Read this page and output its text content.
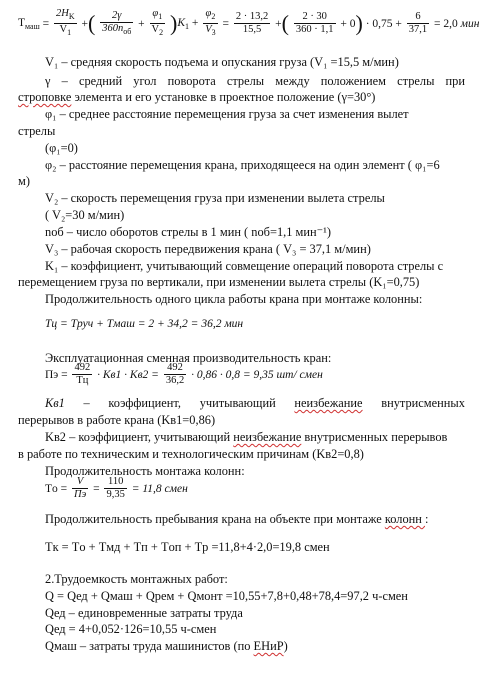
$T_{маш} = \frac{2H_K}{V_1}$ +( $\frac{2\gamma}{360n_{об}} + \frac{\varphi_1}{V_2} )K_1 + \frac{\varphi_2}{V_3} = \frac{2 \cdot 13,2}{15,5}$ +( $\frac{2 \cdot 30}{360 \cdot 1,1} + 0) \cdot 0,75 + \frac{6}{37,1} = 2,0$ мин
V₁ – средняя скорость подъема и опускания груза (V₁ =15,5 м/мин)
γ – средний угол поворота стрелы между положением стрелы при
строповке элемента и его установке в проектное положение (γ=30°)
φ₁ – среднее расстояние перемещения груза за счет изменения вылет
стрелы
(φ₁=0)
φ₂ – расстояние перемещения крана, приходящееся на один элемент ( φ₁=6
м)
V₂ – скорость перемещения груза при изменении вылета стрелы
( V₂=30 м/мин)
nоб – число оборотов стрелы в 1 мин ( nоб=1,1 мин⁻¹)
V₃ – рабочая скорость передвижения крана ( V₃ = 37,1 м/мин)
K₁ – коэффициент, учитывающий совмещение операций поворота стрелы с
перемещением груза по вертикали, при изменении вылета стрелы (K₁=0,75)
Продолжительность одного цикла работы крана при монтаже колонны:
Tц = Tруч + Tмаш = 2 + 34,2 = 36,2 мин
Эксплуатационная сменная производительность кран:
Пэ = $\frac{492}{Tц} \cdot Kв1 \cdot Kв2 = \frac{492}{36,2} \cdot 0,86 \cdot 0,8 = 9,35$ шт/ смен
Kв1 – коэффициент, учитывающий неизбежание внутрисменных
перерывов в работе крана (Kв1=0,86)
Kв2 – коэффициент, учитывающий неизбежание внутрисменных перерывов
в работе по техническим и технологическим причинам (Kв2=0,8)
Продолжительность монтажа колонн:
Tо = $\frac{V}{Пэ} = \frac{110}{9,35} = 11,8$ смен
Продолжительность пребывания крана на объекте при монтаже колонн :
Tк = Tо + Tмд + Tп + Tоп + Tр =11,8+4·2,0=19,8 смен
2.Трудоемкость монтажных работ:
Q = Qед + Qмаш + Qрем + Qмонт =10,55+7,8+0,48+78,4=97,2 ч-смен
Qед – единовременные затраты труда
Qед = 4+0,052·126=10,55 ч-смен
Qмаш – затраты труда машинистов (по ЕНиР)
